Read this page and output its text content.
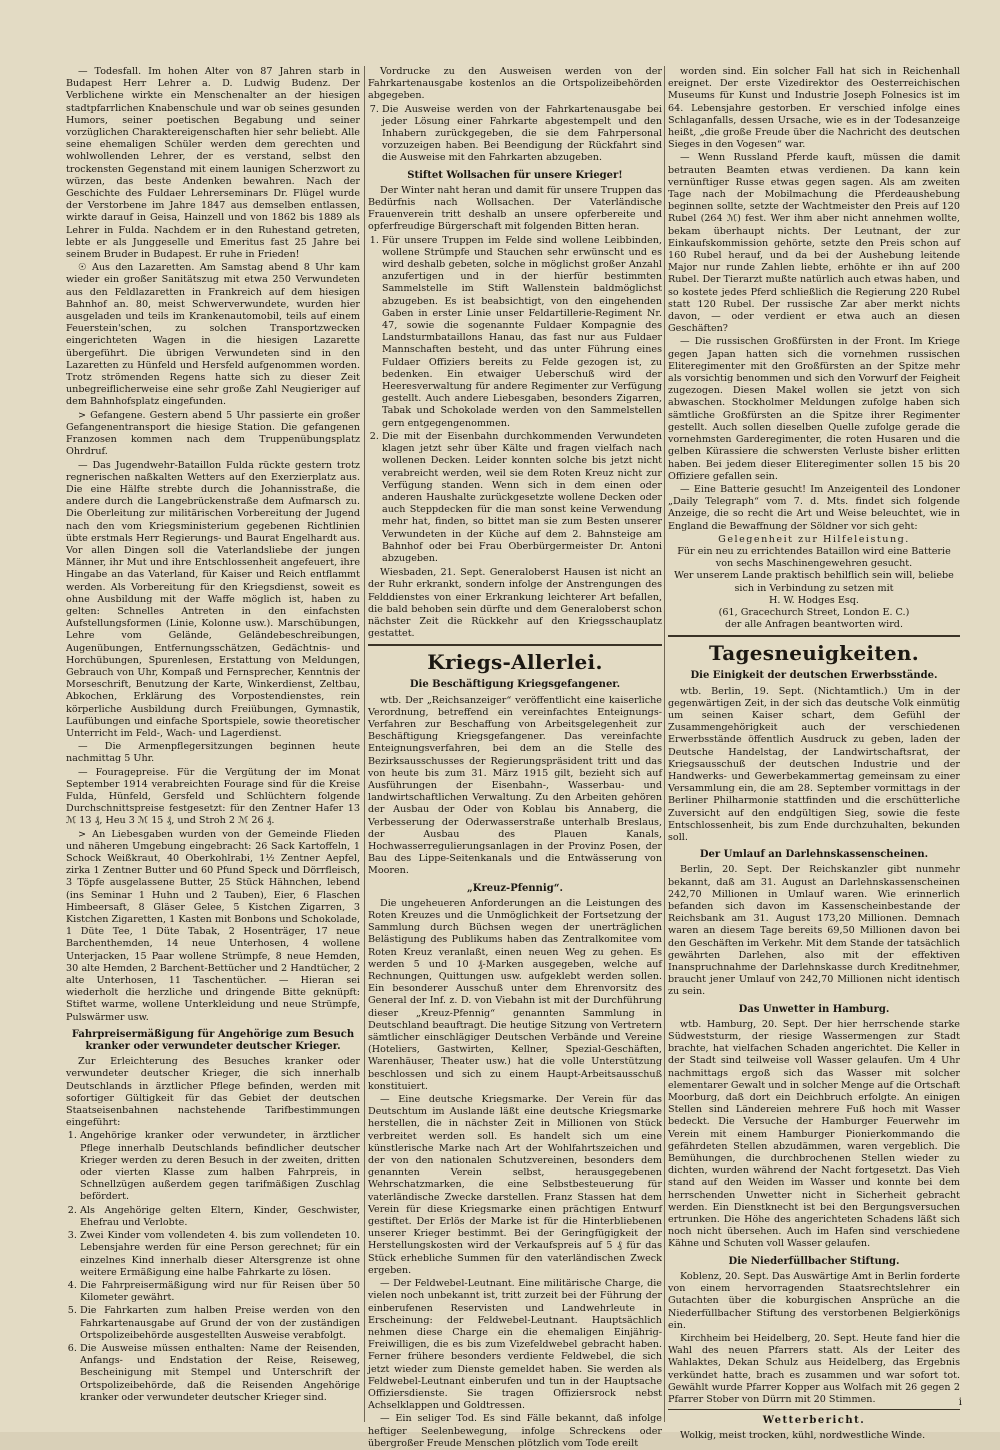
— Todesfall. Im hohen Alter von 87 Jahren starb in Budapest Herr Lehrer a. D. Ludwig Budenz. Der Verblichene wirkte ein Menschenalter an der hiesigen stadtpfarrlichen Knabenschule und war ob seines gesunden Humors, seiner poetischen Begabung und seiner vorzüglichen Charaktereigenschaften hier sehr beliebt. Alle seine ehemaligen Schüler werden dem gerechten und wohlwollenden Lehrer, der es verstand, selbst den trockensten Gegenstand mit einem launigen Scherzwort zu würzen, das beste Andenken bewahren. Nach der Geschichte des Fuldaer Lehrerseminars Dr. Flügel wurde der Verstorbene im Jahre 1847 aus demselben entlassen, wirkte darauf in Geisa, Hainzell und von 1862 bis 1889 als Lehrer in Fulda. Nachdem er in den Ruhestand getreten, lebte er als Junggeselle und Emeritus fast 25 Jahre bei seinem Bruder in Budapest. Er ruhe in Frieden!

☉ Aus den Lazaretten. Am Samstag abend 8 Uhr kam wieder ein großer Sanitätszug mit etwa 250 Verwundeten aus den Feldlazaretten in Frankreich auf dem hiesigen Bahnhof an. 80, meist Schwerverwundete, wurden hier ausgeladen und teils im Krankenautomobil, teils auf einem Feuerstein'schen, zu solchen Transportzwecken eingerichteten Wagen in die hiesigen Lazarette übergeführt. Die übrigen Verwundeten sind in den Lazaretten zu Hünfeld und Hersfeld aufgenommen worden. Trotz strömenden Regens hatte sich zu dieser Zeit unbegreiflicherweise eine sehr große Zahl Neugieriger auf dem Bahnhofsplatz eingefunden.

> Gefangene. Gestern abend 5 Uhr passierte ein großer Gefangenentransport die hiesige Station. Die gefangenen Franzosen kommen nach dem Truppenübungsplatz Ohrdruf.

— Das Jugendwehr-Bataillon Fulda rückte gestern trotz regnerischen naßkalten Wetters auf den Exerzierplatz aus. Die eine Hälfte strebte durch die Johannisstraße, die andere durch die Langebrückenstraße dem Aufmarsch zu. Die Oberleitung zur militärischen Vorbereitung der Jugend nach den vom Kriegsministerium gegebenen Richtlinien übte erstmals Herr Regierungs- und Baurat Engelhardt aus. Vor allen Dingen soll die Vaterlandsliebe der jungen Männer, ihr Mut und ihre Entschlossenheit angefeuert, ihre Hingabe an das Vaterland, für Kaiser und Reich entflammt werden. Als Vorbereitung für den Kriegsdienst, soweit es ohne Ausbildung mit der Waffe möglich ist, haben zu gelten: Schnelles Antreten in den einfachsten Aufstellungsformen (Linie, Kolonne usw.). Marschübungen, Lehre vom Gelände, Geländebeschreibungen, Augenübungen, Entfernungsschätzen, Gedächtnis- und Horchübungen, Spurenlesen, Erstattung von Meldungen, Gebrauch von Uhr, Kompaß und Fernsprecher, Kenntnis der Morseschrift, Benutzung der Karte, Winkerdienst, Zeltbau, Abkochen, Erklärung des Vorpostendienstes, rein körperliche Ausbildung durch Freiübungen, Gymnastik, Laufübungen und einfache Sportspiele, sowie theoretischer Unterricht im Feld-, Wach- und Lagerdienst.

— Die Armenpflegersitzungen beginnen heute nachmittag 5 Uhr.

— Fouragepreise. Für die Vergütung der im Monat September 1914 verabreichten Fourage sind für die Kreise Fulda, Hünfeld, Gersfeld und Schlüchtern folgende Durchschnittspreise festgesetzt: für den Zentner Hafer 13 ℳ 13 ₰, Heu 3 ℳ 15 ₰, und Stroh 2 ℳ 26 ₰.

> An Liebesgaben wurden von der Gemeinde Flieden und näheren Umgebung eingebracht: 26 Sack Kartoffeln, 1 Schock Weißkraut, 40 Oberkohlrabi, 1½ Zentner Aepfel, zirka 1 Zentner Butter und 60 Pfund Speck und Dörrfleisch, 3 Töpfe ausgelassene Butter, 25 Stück Hähnchen, lebend (ins Seminar 1 Huhn und 2 Tauben), Eier, 6 Flaschen Himbeersaft, 8 Gläser Gelee, 5 Kistchen Zigarren, 3 Kistchen Zigaretten, 1 Kasten mit Bonbons und Schokolade, 1 Düte Tee, 1 Düte Tabak, 2 Hosenträger, 17 neue Barchenthemden, 14 neue Unterhosen, 4 wollene Unterjacken, 15 Paar wollene Strümpfe, 8 neue Hemden, 30 alte Hemden, 2 Barchent-Bettücher und 2 Handtücher, 2 alte Unterhosen, 11 Taschentücher. — Hieran sei wiederholt die herzliche und dringende Bitte geknüpft: Stiftet warme, wollene Unterkleidung und neue Strümpfe, Pulswärmer usw.

Fahrpreisermäßigung für Angehörige zum Besuch kranker oder verwundeter deutscher Krieger.

Zur Erleichterung des Besuches kranker oder verwundeter deutscher Krieger, die sich innerhalb Deutschlands in ärztlicher Pflege befinden, werden mit sofortiger Gültigkeit für das Gebiet der deutschen Staatseisenbahnen nachstehende Tarifbestimmungen eingeführt:

1. Angehörige kranker oder verwundeter, in ärztlicher Pflege innerhalb Deutschlands befindlicher deutscher Krieger werden zu deren Besuch in der zweiten, dritten oder vierten Klasse zum halben Fahrpreis, in Schnellzügen außerdem gegen tarifmäßigen Zuschlag befördert.
2. Als Angehörige gelten Eltern, Kinder, Geschwister, Ehefrau und Verlobte.
3. Zwei Kinder vom vollendeten 4. bis zum vollendeten 10. Lebensjahre werden für eine Person gerechnet; für ein einzelnes Kind innerhalb dieser Altersgrenze ist ohne weitere Ermäßigung eine halbe Fahrkarte zu lösen.
4. Die Fahrpreisermäßigung wird nur für Reisen über 50 Kilometer gewährt.
5. Die Fahrkarten zum halben Preise werden von den Fahrkartenausgabe auf Grund der von der zuständigen Ortspolizeibehörde ausgestellten Ausweise verabfolgt.
6. Die Ausweise müssen enthalten: Name der Reisenden, Anfangs- und Endstation der Reise, Reiseweg, Bescheinigung mit Stempel und Unterschrift der Ortspolizeibehörde, daß die Reisenden Angehörige kranker oder verwundeter deutscher Krieger sind.

Vordrucke zu den Ausweisen werden von der Fahrkartenausgabe kostenlos an die Ortspolizeibehörden abgegeben.

7. Die Ausweise werden von der Fahrkartenausgabe bei jeder Lösung einer Fahrkarte abgestempelt und den Inhabern zurückgegeben, die sie dem Fahrpersonal vorzuzeigen haben. Bei Beendigung der Rückfahrt sind die Ausweise mit den Fahrkarten abzugeben.
Stiftet Wollsachen für unsere Krieger!

Der Winter naht heran und damit für unsere Truppen das Bedürfnis nach Wollsachen. Der Vaterländische Frauenverein tritt deshalb an unsere opferbereite und opferfreudige Bürgerschaft mit folgenden Bitten heran.

1. Für unsere Truppen im Felde sind wollene Leibbinden, wollene Strümpfe und Stauchen sehr erwünscht und es wird deshalb gebeten, solche in möglichst großer Anzahl anzufertigen und in der hierfür bestimmten Sammelstelle im Stift Wallenstein baldmöglichst abzugeben. Es ist beabsichtigt, von den eingehenden Gaben in erster Linie unser Feldartillerie-Regiment Nr. 47, sowie die sogenannte Fuldaer Kompagnie des Landsturmbataillons Hanau, das fast nur aus Fuldaer Mannschaften besteht, und das unter Führung eines Fuldaer Offiziers bereits zu Felde gezogen ist, zu bedenken. Ein etwaiger Ueberschuß wird der Heeresverwaltung für andere Regimenter zur Verfügung gestellt. Auch andere Liebesgaben, besonders Zigarren, Tabak und Schokolade werden von den Sammelstellen gern entgegengenommen.
2. Die mit der Eisenbahn durchkommenden Verwundeten klagen jetzt sehr über Kälte und fragen vielfach nach wollenen Decken. Leider konnten solche bis jetzt nicht verabreicht werden, weil sie dem Roten Kreuz nicht zur Verfügung standen. Wenn sich in dem einen oder anderen Haushalte zurückgesetzte wollene Decken oder auch Steppdecken für die man sonst keine Verwendung mehr hat, finden, so bittet man sie zum Besten unserer Verwundeten in der Küche auf dem 2. Bahnsteige am Bahnhof oder bei Frau Oberbürgermeister Dr. Antoni abzugeben.

Wiesbaden, 21. Sept. Generaloberst Hausen ist nicht an der Ruhr erkrankt, sondern infolge der Anstrengungen des Felddienstes von einer Erkrankung leichterer Art befallen, die bald behoben sein dürfte und dem Generaloberst schon nächster Zeit die Rückkehr auf den Kriegsschauplatz gestattet.

Kriegs-Allerlei.
Die Beschäftigung Kriegsgefangener.

wtb. Der „Reichsanzeiger“ veröffentlicht eine kaiserliche Verordnung, betreffend ein vereinfachtes Enteignungs-Verfahren zur Beschaffung von Arbeitsgelegenheit zur Beschäftigung Kriegsgefangener. Das vereinfachte Enteignungsverfahren, bei dem an die Stelle des Bezirksausschusses der Regierungspräsident tritt und das von heute bis zum 31. März 1915 gilt, bezieht sich auf Ausführungen der Eisenbahn-, Wasserbau- und landwirtschaftlichen Verwaltung. Zu den Arbeiten gehören der Ausbau der Oder von Koblau bis Annaberg, die Verbesserung der Oderwasserstraße unterhalb Breslaus, der Ausbau des Plauen Kanals, Hochwasserregulierungsanlagen in der Provinz Posen, der Bau des Lippe-Seitenkanals und die Entwässerung von Mooren.

„Kreuz-Pfennig“.

Die ungeheueren Anforderungen an die Leistungen des Roten Kreuzes und die Unmöglichkeit der Fortsetzung der Sammlung durch Büchsen wegen der unerträglichen Belästigung des Publikums haben das Zentralkomitee vom Roten Kreuz veranlaßt, einen neuen Weg zu gehen. Es werden 5 und 10 ₰-Marken ausgegeben, welche auf Rechnungen, Quittungen usw. aufgeklebt werden sollen. Ein besonderer Ausschuß unter dem Ehrenvorsitz des General der Inf. z. D. von Viebahn ist mit der Durchführung dieser „Kreuz-Pfennig“ genannten Sammlung in Deutschland beauftragt. Die heutige Sitzung von Vertretern sämtlicher einschlägiger Deutschen Verbände und Vereine (Hoteliers, Gastwirten, Kellner, Spezial-Geschäften, Warenhäuser, Theater usw.) hat die volle Unterstützung beschlossen und sich zu einem Haupt-Arbeitsausschuß konstituiert.

— Eine deutsche Kriegsmarke. Der Verein für das Deutschtum im Auslande läßt eine deutsche Kriegsmarke herstellen, die in nächster Zeit in Millionen von Stück verbreitet werden soll. Es handelt sich um eine künstlerische Marke nach Art der Wohlfahrtszeichen und der von den nationalen Schutzvereinen, besonders dem genannten Verein selbst, herausgegebenen Wehrschatzmarken, die eine Selbstbesteuerung für vaterländische Zwecke darstellen. Franz Stassen hat dem Verein für diese Kriegsmarke einen prächtigen Entwurf gestiftet. Der Erlös der Marke ist für die Hinterbliebenen unserer Krieger bestimmt. Bei der Geringfügigkeit der Herstellungskosten wird der Verkaufspreis auf 5 ₰ für das Stück erhebliche Summen für den vaterländischen Zweck ergeben.

— Der Feldwebel-Leutnant. Eine militärische Charge, die vielen noch unbekannt ist, tritt zurzeit bei der Führung der einberufenen Reservisten und Landwehrleute in Erscheinung: der Feldwebel-Leutnant. Hauptsächlich nehmen diese Charge ein die ehemaligen Einjährig-Freiwilligen, die es bis zum Vizefeldwebel gebracht haben. Ferner frühere besonders verdiente Feldwebel, die sich jetzt wieder zum Dienste gemeldet haben. Sie werden als Feldwebel-Leutnant einberufen und tun in der Hauptsache Offiziersdienste. Sie tragen Offiziersrock nebst Achselklappen und Goldtressen.

— Ein seliger Tod. Es sind Fälle bekannt, daß infolge heftiger Seelenbewegung, infolge Schreckens oder übergroßer Freude Menschen plötzlich vom Tode ereilt

worden sind. Ein solcher Fall hat sich in Reichenhall ereignet. Der erste Vizedirektor des Oesterreichischen Museums für Kunst und Industrie Joseph Folnesics ist im 64. Lebensjahre gestorben. Er verschied infolge eines Schlaganfalls, dessen Ursache, wie es in der Todesanzeige heißt, „die große Freude über die Nachricht des deutschen Sieges in den Vogesen“ war.

— Wenn Russland Pferde kauft, müssen die damit betrauten Beamten etwas verdienen. Da kann kein vernünftiger Russe etwas gegen sagen. Als am zweiten Tage nach der Mobilmachung die Pferdeaushebung beginnen sollte, setzte der Wachtmeister den Preis auf 120 Rubel (264 ℳ) fest. Wer ihm aber nicht annehmen wollte, bekam überhaupt nichts. Der Leutnant, der zur Einkaufskommission gehörte, setzte den Preis schon auf 160 Rubel herauf, und da bei der Aushebung leitende Major nur runde Zahlen liebte, erhöhte er ihn auf 200 Rubel. Der Tierarzt mußte natürlich auch etwas haben, und so kostete jedes Pferd schließlich die Regierung 220 Rubel statt 120 Rubel. Der russische Zar aber merkt nichts davon, — oder verdient er etwa auch an diesen Geschäften?

— Die russischen Großfürsten in der Front. Im Kriege gegen Japan hatten sich die vornehmen russischen Eliteregimenter mit den Großfürsten an der Spitze mehr als vorsichtig benommen und sich den Vorwurf der Feigheit zugezogen. Diesen Makel wollen sie jetzt von sich abwaschen. Stockholmer Meldungen zufolge haben sich sämtliche Großfürsten an die Spitze ihrer Regimenter gestellt. Auch sollen dieselben Quelle zufolge gerade die vornehmsten Garderegimenter, die roten Husaren und die gelben Kürassiere die schwersten Verluste bisher erlitten haben. Bei jedem dieser Eliteregimenter sollen 15 bis 20 Offiziere gefallen sein.

— Eine Batterie gesucht! Im Anzeigenteil des Londoner „Daily Telegraph“ vom 7. d. Mts. findet sich folgende Anzeige, die so recht die Art und Weise beleuchtet, wie in England die Bewaffnung der Söldner vor sich geht:

Gelegenheit zur Hilfeleistung.
Für ein neu zu errichtendes Bataillon wird eine Batterie von sechs Maschinengewehren gesucht.
Wer unserem Lande praktisch behilflich sein will, beliebe sich in Verbindung zu setzen mit
H. W. Hodges Esq.
(61, Gracechurch Street, London E. C.)
der alle Anfragen beantworten wird.
Tagesneuigkeiten.
Die Einigkeit der deutschen Erwerbsstände.

wtb. Berlin, 19. Sept. (Nichtamtlich.) Um in der gegenwärtigen Zeit, in der sich das deutsche Volk einmütig um seinen Kaiser schart, dem Gefühl der Zusammengehörigkeit auch der verschiedenen Erwerbsstände öffentlich Ausdruck zu geben, laden der Deutsche Handelstag, der Landwirtschaftsrat, der Kriegsausschuß der deutschen Industrie und der Handwerks- und Gewerbekammertag gemeinsam zu einer Versammlung ein, die am 28. September vormittags in der Berliner Philharmonie stattfinden und die erschütterliche Zuversicht auf den endgültigen Sieg, sowie die feste Entschlossenheit, bis zum Ende durchzuhalten, bekunden soll.

Der Umlauf an Darlehnskassenscheinen.

Berlin, 20. Sept. Der Reichskanzler gibt nunmehr bekannt, daß am 31. August an Darlehnskassenscheinen 242,70 Millionen in Umlauf waren. Wie erinnerlich befanden sich davon im Kassenscheinbestande der Reichsbank am 31. August 173,20 Millionen. Demnach waren an diesem Tage bereits 69,50 Millionen davon bei den Geschäften im Verkehr. Mit dem Stande der tatsächlich gewährten Darlehen, also mit der effektiven Inanspruchnahme der Darlehnskasse durch Kreditnehmer, braucht jener Umlauf von 242,70 Millionen nicht identisch zu sein.

Das Unwetter in Hamburg.

wtb. Hamburg, 20. Sept. Der hier herrschende starke Südweststurm, der riesige Wassermengen zur Stadt brachte, hat vielfachen Schaden angerichtet. Die Keller in der Stadt sind teilweise voll Wasser gelaufen. Um 4 Uhr nachmittags ergoß sich das Wasser mit solcher elementarer Gewalt und in solcher Menge auf die Ortschaft Moorburg, daß dort ein Deichbruch erfolgte. An einigen Stellen sind Ländereien mehrere Fuß hoch mit Wasser bedeckt. Die Versuche der Hamburger Feuerwehr im Verein mit einem Hamburger Pionierkommando die gefährdeten Stellen abzudämmen, waren vergeblich. Die Bemühungen, die durchbrochenen Stellen wieder zu dichten, wurden während der Nacht fortgesetzt. Das Vieh stand auf den Weiden im Wasser und konnte bei dem herrschenden Unwetter nicht in Sicherheit gebracht werden. Ein Dienstknecht ist bei den Bergungsversuchen ertrunken. Die Höhe des angerichteten Schadens läßt sich noch nicht übersehen. Auch im Hafen sind verschiedene Kähne und Schuten voll Wasser gelaufen.

Die Niederfüllbacher Stiftung.

Koblenz, 20. Sept. Das Auswärtige Amt in Berlin forderte von einem hervorragenden Staatsrechtslehrer ein Gutachten über die koburgischen Ansprüche an die Niederfüllbacher Stiftung des verstorbenen Belgierkönigs ein.

Kirchheim bei Heidelberg, 20. Sept. Heute fand hier die Wahl des neuen Pfarrers statt. Als der Leiter des Wahlaktes, Dekan Schulz aus Heidelberg, das Ergebnis verkündet hatte, brach es zusammen und war sofort tot. Gewählt wurde Pfarrer Kopper aus Wolfach mit 26 gegen 2 Pfarrer Stober von Dürrn mit 20 Stimmen.

Wetterbericht.

Wolkig, meist trocken, kühl, nordwestliche Winde.

i
